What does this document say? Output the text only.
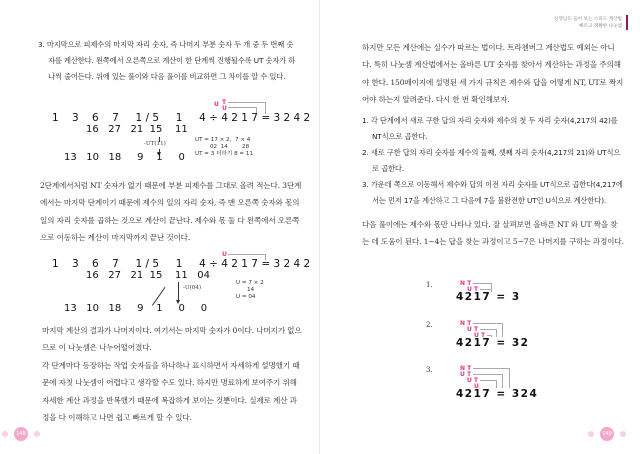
3. 마지막으로 피제수의 마지막 자리 숫자, 즉 나머지 부분 숫자 두 개 중 두 번째 숫자를 계산한다. 왼쪽에서 오른쪽으로 계산이 한 단계씩 진행될수록 UT 숫자가 하나씩 줄어든다. 위에 있는 풀이와 다음 풀이를 비교하면 그 차이를 알 수 있다.
U T
U
1    3    6    7     1 / 5     1     4 ÷ 4 2 1 7 = 3 2 4 2
16   27   21  15    11
-UT(11)
13   10   18     9    1     0
UT = 17 × 2,  7 × 4
02  14        28
UT = 3 더하기 8 = 11
2단계에서처럼 NT 숫자가 없기 때문에 부분 피제수를 그대로 올려 적는다. 3단계에서는 마지막 단계이기 때문에 제수의 일의 자리 숫자, 즉 맨 오른쪽 숫자와 몫의 일의 자리 숫자를 곱하는 것으로 계산이 끝난다. 제수와 몫 둘 다 왼쪽에서 오른쪽으로 이동하는 계산이 마지막까지 끝난 것이다.
U
1    3    6    7     1 / 5     1     4 ÷ 4 2 1 7 = 3 2 4 2
16   27   21  15    11   04
-U(04)
13   10   18     9    1     0     0
U = 7 × 2
14
U = 04
마지막 계산의 결과가 나머지이다. 여기서는 마지막 숫자가 0이다. 나머지가 없으므로 이 나눗셈은 나누어떨어졌다.
각 단계마다 등장하는 작업 숫자들을 하나하나 표시하면서 자세하게 설명했기 때문에 자칫 나눗셈이 어렵다고 생각할 수도 있다. 하지만 명료하게 보여주기 위해 자세한 계산 과정을 반복했기 때문에 복잡하게 보이는 것뿐이다. 실제로 계산 과정을 다 이해하고 나면 쉽고 빠르게 할 수 있다.
148
신영남도 들어 보는 스피드 계산법
빠르고 정확한 나눗셈
하지만 모든 계산에는 실수가 따르는 법이다. 트라첸버그 계산법도 예외는 아니다. 특히 나눗셈 계산법에서는 올바른 UT 숫자를 찾아서 계산하는 과정을 주의해야 한다. 150페이지에 설명된 세 가지 규칙은 제수와 답을 어떻게 NT, UT로 짝지어야 하는지 알려준다. 다시 한 번 확인해보자.
1. 각 단계에서 새로 구한 답의 자리 숫자와 제수의 첫 두 자리 숫자(4,217의 42)를 NT식으로 곱한다.
2. 새로 구한 답의 자리 숫자를 제수의 둘째, 셋째 자리 숫자(4,217의 21)와 UT식으로 곱한다.
3. 가운데 쪽으로 이동해서 제수와 답의 이전 자리 숫자를 UT식으로 곱한다(4,217에서는 먼저 17을 계산하고 그 다음에 7을 불완전한 UT인 U식으로 계산한다).
다음 풀이에는 제수와 몫만 나타나 있다. 잘 살펴보면 올바른 NT 와 UT 짝을 찾는 데 도움이 된다. 1~4는 답을 찾는 과정이고 5~7은 나머지를 구하는 과정이다.
1.	N T
U T
4217 = 3
2.	N T
U T
U T
4217 = 32
3.	N T
U T
U T
U
4217 = 324
149
